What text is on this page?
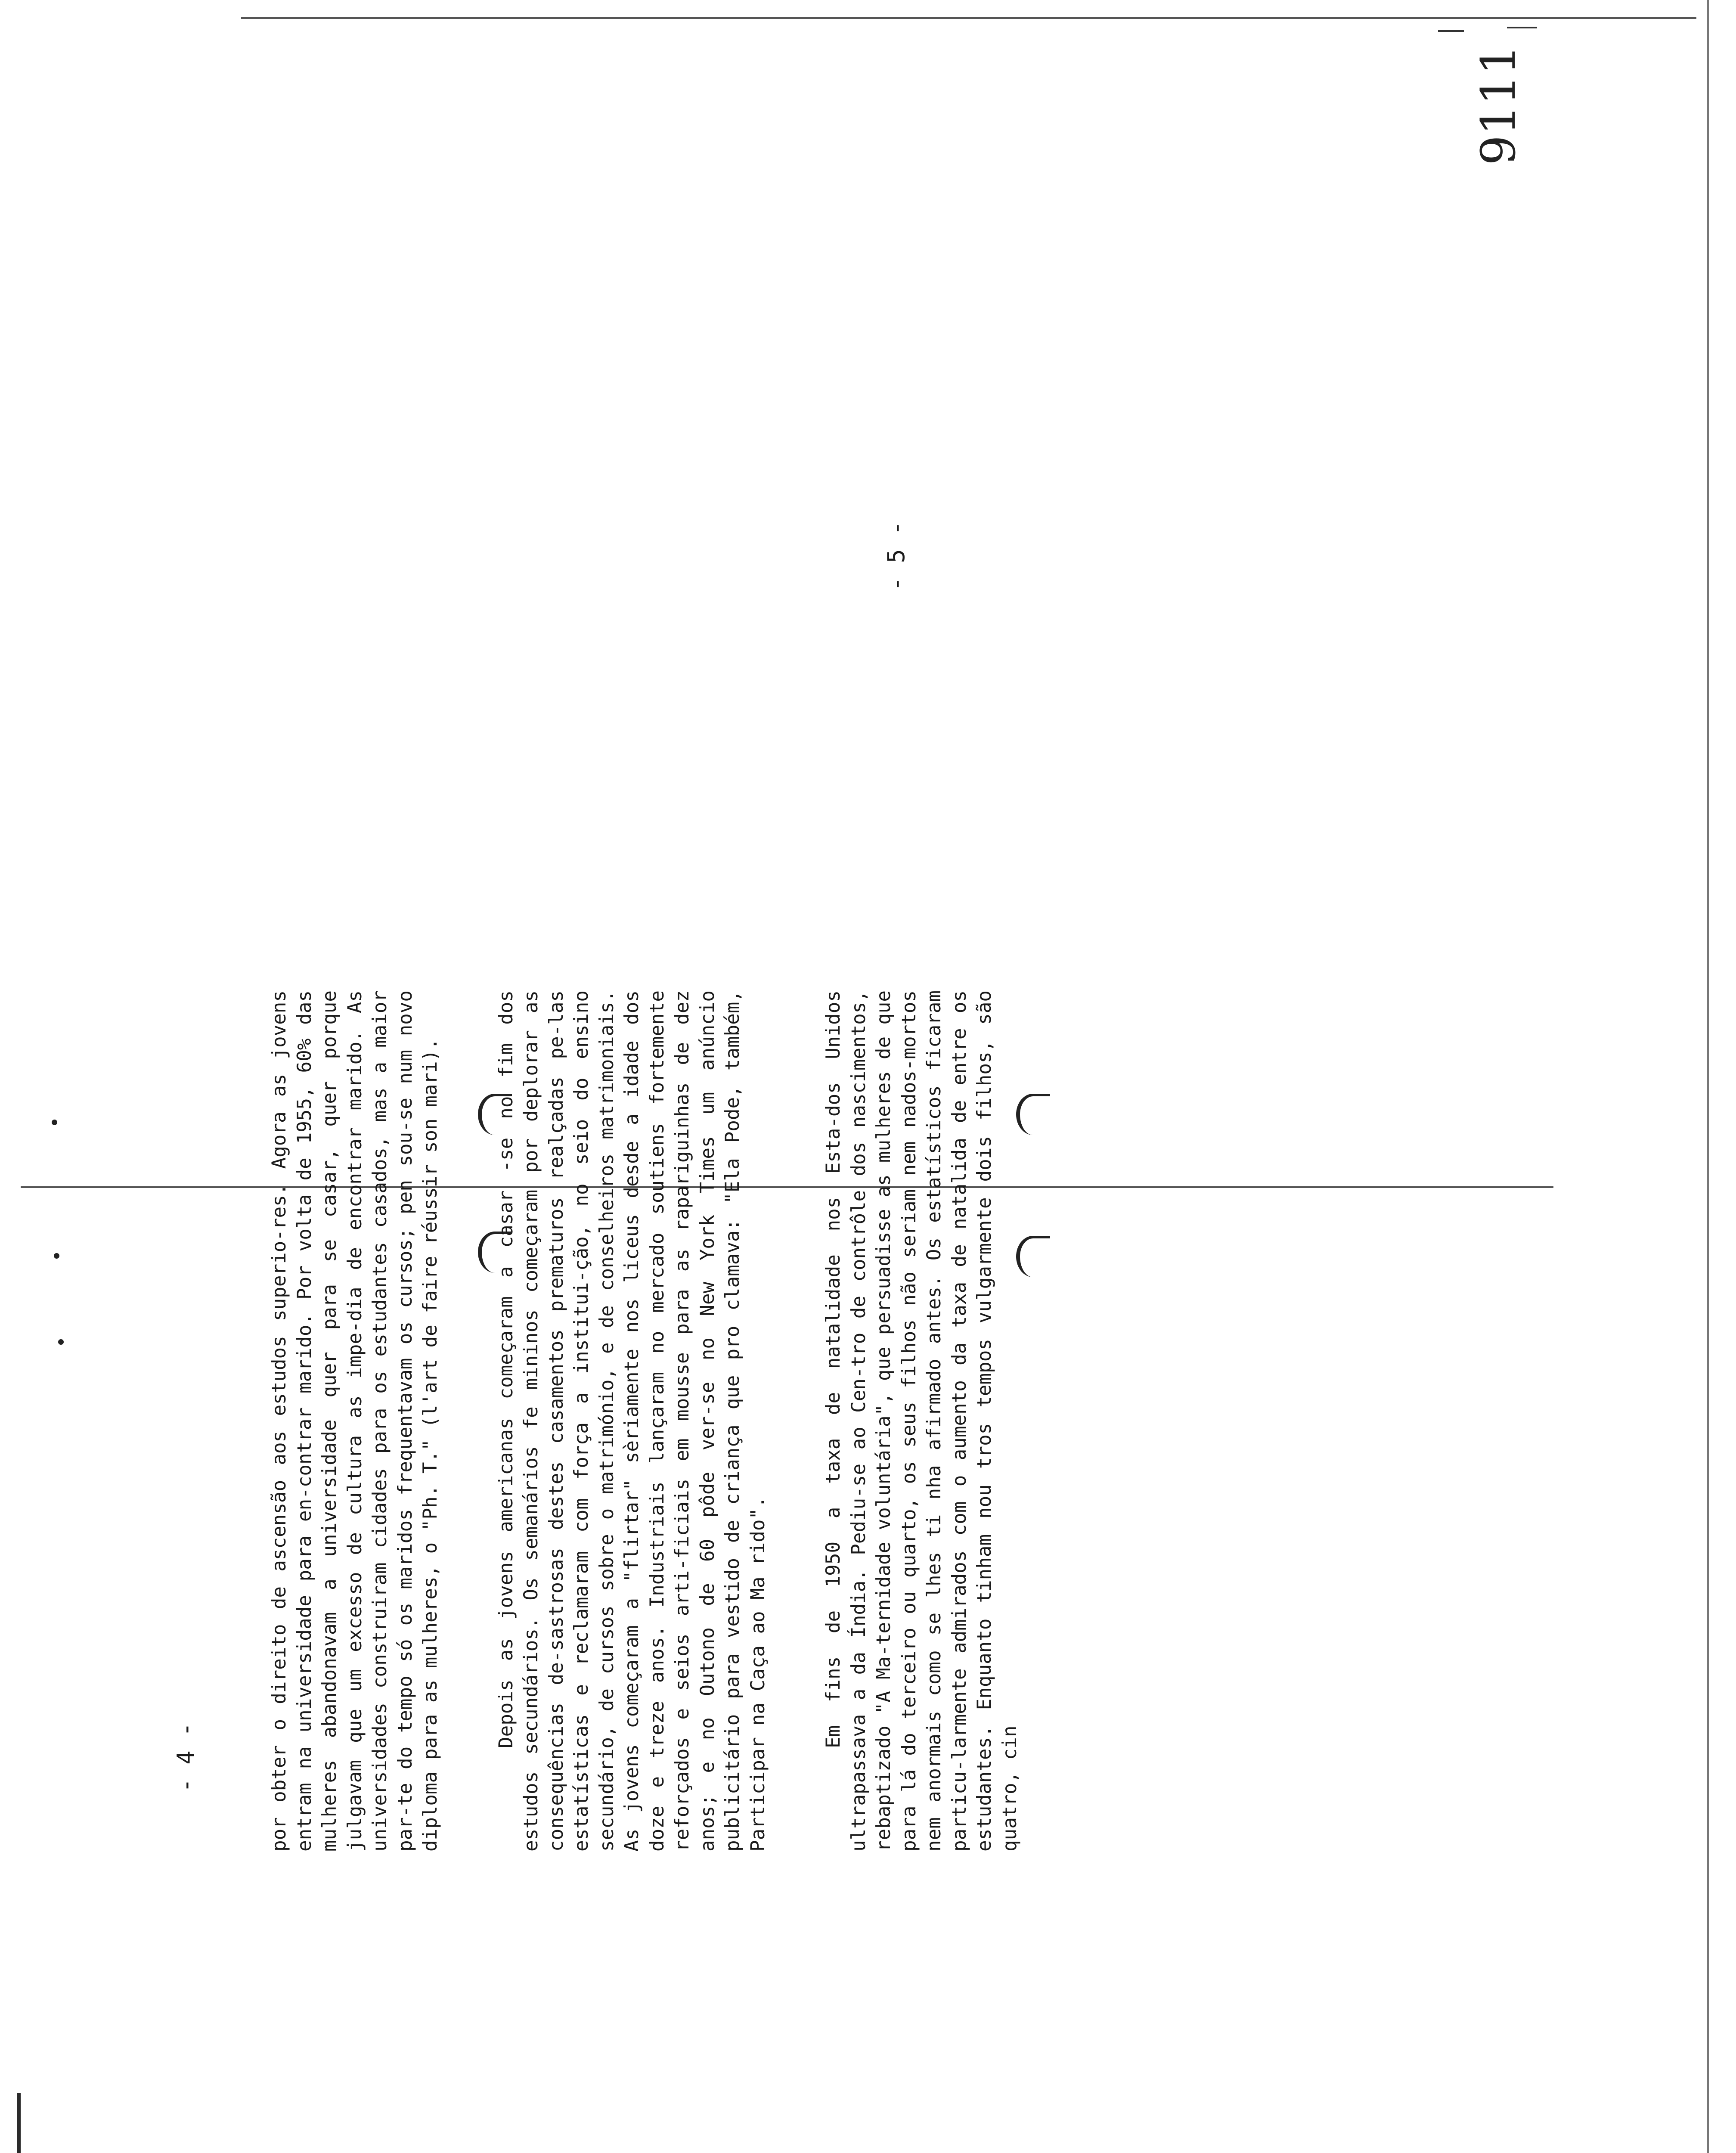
9111
- 4 -
- 5 -

por obter o direito de ascensão aos estudos superio-res. Agora as jovens entram na universidade para en-contrar marido. Por volta de 1955, 60% das mulheres abandonavam a universidade quer para se casar, quer porque julgavam que um excesso de cultura as impe-dia de encontrar marido. As universidades construiram cidades para os estudantes casados, mas a maior par-te do tempo só os maridos frequentavam os cursos; pen sou-se num novo diploma para as mulheres, o "Ph. T." (l'art de faire réussir son mari).	Depois as jovens americanas começaram a casar -se no fim dos estudos secundários. Os semanários fe mininos começaram por deplorar as consequências de-sastrosas destes casamentos prematuros realçadas pe-las estatísticas e reclamaram com força a institui-ção, no seio do ensino secundário, de cursos sobre o matrimónio, e de conselheiros matrimoniais. As jovens começaram a "flirtar" sèriamente nos liceus desde a idade dos doze e treze anos. Industriais lançaram no mercado soutiens fortemente reforçados e seios arti-ficiais em mousse para as rapariguinhas de dez anos; e no Outono de 60 pôde ver-se no New York Times um anúncio publicitário para vestido de criança que pro clamava: "Ela Pode, também, Participar na Caça ao Ma rido".	Em fins de 1950 a taxa de natalidade nos Esta-dos Unidos ultrapassava a da Índia. Pediu-se ao Cen-tro de contrôle dos nascimentos, rebaptizado "A Ma-ternidade voluntária", que persuadisse as mulheres de que para lá do terceiro ou quarto, os seus filhos não seriam nem nados-mortos nem anormais como se lhes ti nha afirmado antes. Os estatísticos ficaram particu-larmente admirados com o aumento da taxa de natalida de entre os estudantes. Enquanto tinham nou tros tempos vulgarmente dois filhos, são quatro, cin
